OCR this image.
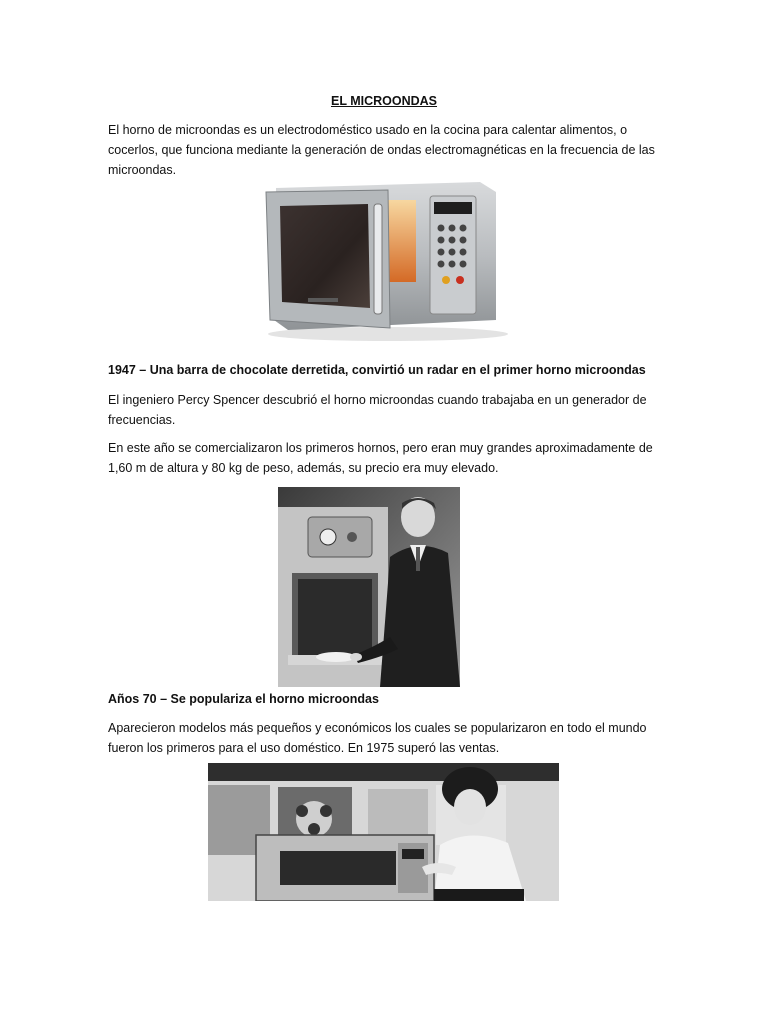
EL MICROONDAS

El horno de microondas es un electrodoméstico usado en la cocina para calentar alimentos, o cocerlos, que funciona mediante la generación de ondas electromagnéticas en la frecuencia de las microondas.

1947 – Una barra de chocolate derretida, convirtió un radar en el primer horno microondas

El ingeniero Percy Spencer descubrió el horno microondas cuando trabajaba en un generador de frecuencias.

En este año se comercializaron los primeros hornos, pero eran muy grandes aproximadamente de 1,60 m de altura y 80 kg de peso, además, su precio era muy elevado.

Años 70 – Se populariza el horno microondas

Aparecieron modelos más pequeños y económicos los cuales se popularizaron en todo el mundo fueron los primeros para el uso doméstico. En 1975 superó las ventas.
